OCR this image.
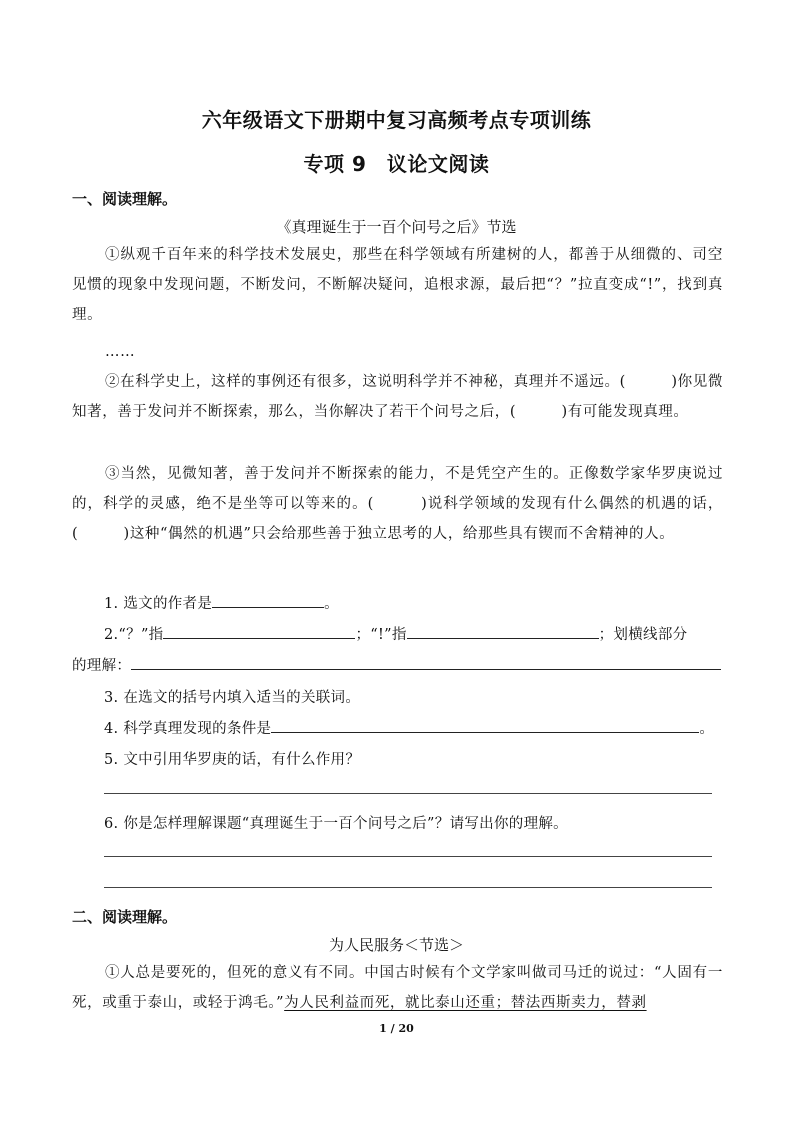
六年级语文下册期中复习高频考点专项训练
专项 9　议论文阅读
一、阅读理解。
《真理诞生于一百个问号之后》节选
①纵观千百年来的科学技术发展史，那些在科学领域有所建树的人，都善于从细微的、司空见惯的现象中发现问题，不断发问，不断解决疑问，追根求源，最后把“？”拉直变成“!”，找到真理。
……
②在科学史上，这样的事例还有很多，这说明科学并不神秘，真理并不遥远。(　　　)你见微知著，善于发问并不断探索，那么，当你解决了若干个问号之后，(　　　)有可能发现真理。
③当然，见微知著，善于发问并不断探索的能力，不是凭空产生的。正像数学家华罗庚说过的，科学的灵感，绝不是坐等可以等来的。(　　　)说科学领域的发现有什么偶然的机遇的话，(　　　)这种“偶然的机遇”只会给那些善于独立思考的人，给那些具有锲而不舍精神的人。
1. 选文的作者是	。
2.“？”指	；“!”指	；划横线部分
的理解：
3. 在选文的括号内填入适当的关联词。
4. 科学真理发现的条件是	。
5. 文中引用华罗庚的话，有什么作用？
6. 你是怎样理解课题“真理诞生于一百个问号之后”？请写出你的理解。
二、阅读理解。
为人民服务＜节选＞
①人总是要死的，但死的意义有不同。中国古时候有个文学家叫做司马迁的说过：“人固有一死，或重于泰山，或轻于鸿毛。”为人民利益而死，就比泰山还重；替法西斯卖力，替剥
1 / 20
